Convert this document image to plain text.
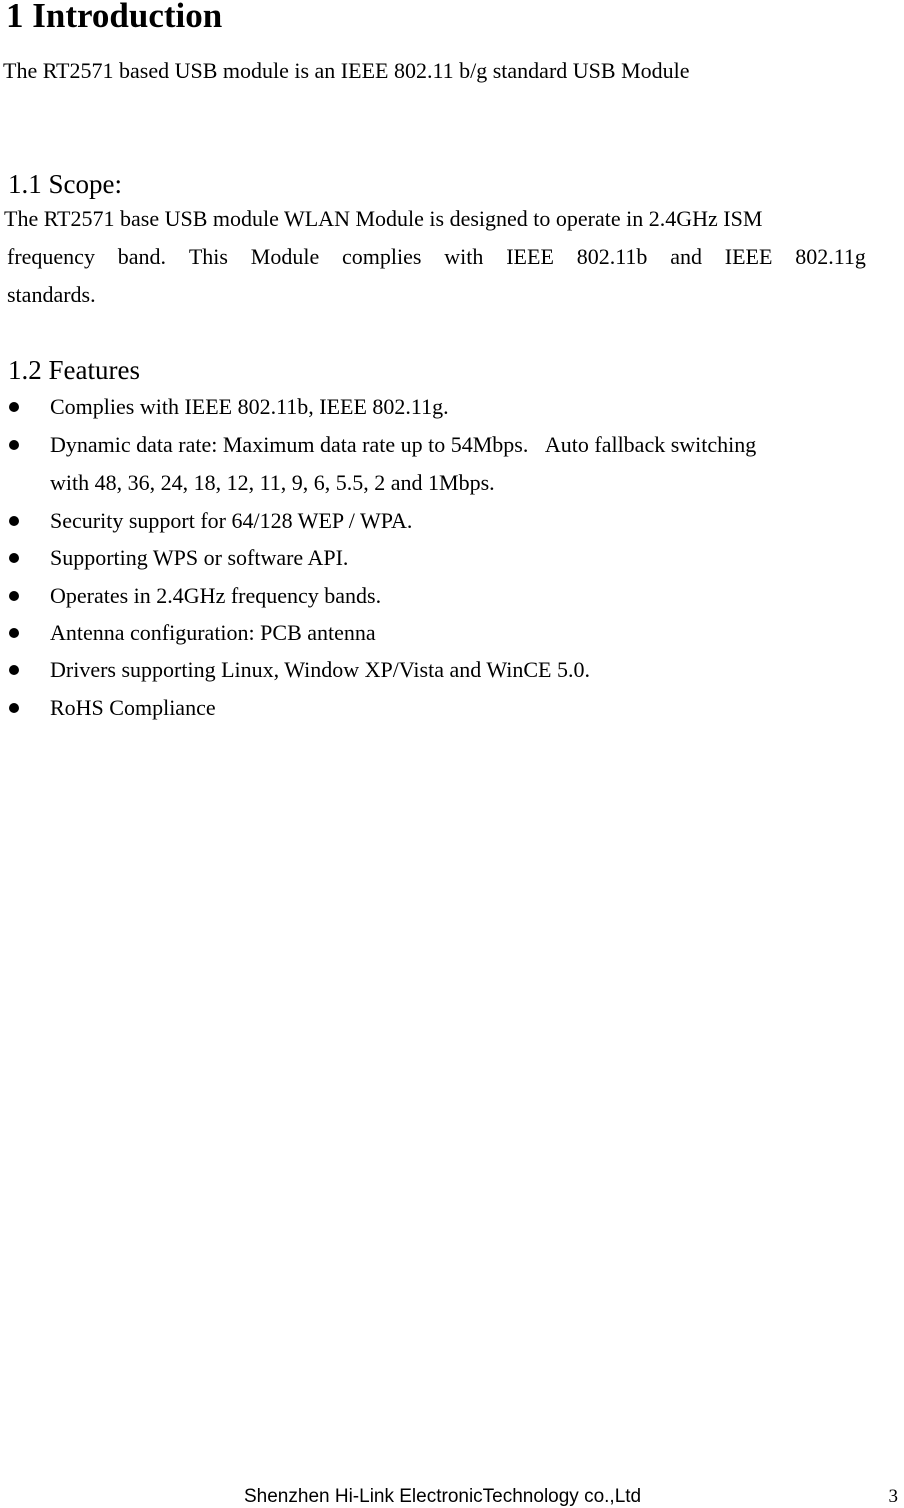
1 Introduction
The RT2571 based USB module is an IEEE 802.11 b/g standard USB Module
1.1 Scope:
The RT2571 base USB module WLAN Module is designed to operate in 2.4GHz ISM
frequency band. This Module complies with IEEE 802.11b and IEEE 802.11g
standards.
1.2 Features
Complies with IEEE 802.11b, IEEE 802.11g.
Dynamic data rate: Maximum data rate up to 54Mbps.   Auto fallback switching
with 48, 36, 24, 18, 12, 11, 9, 6, 5.5, 2 and 1Mbps.
Security support for 64/128 WEP / WPA.
Supporting WPS or software API.
Operates in 2.4GHz frequency bands.
Antenna configuration: PCB antenna
Drivers supporting Linux, Window XP/Vista and WinCE 5.0.
RoHS Compliance
Shenzhen Hi-Link ElectronicTechnology co.,Ltd	3
